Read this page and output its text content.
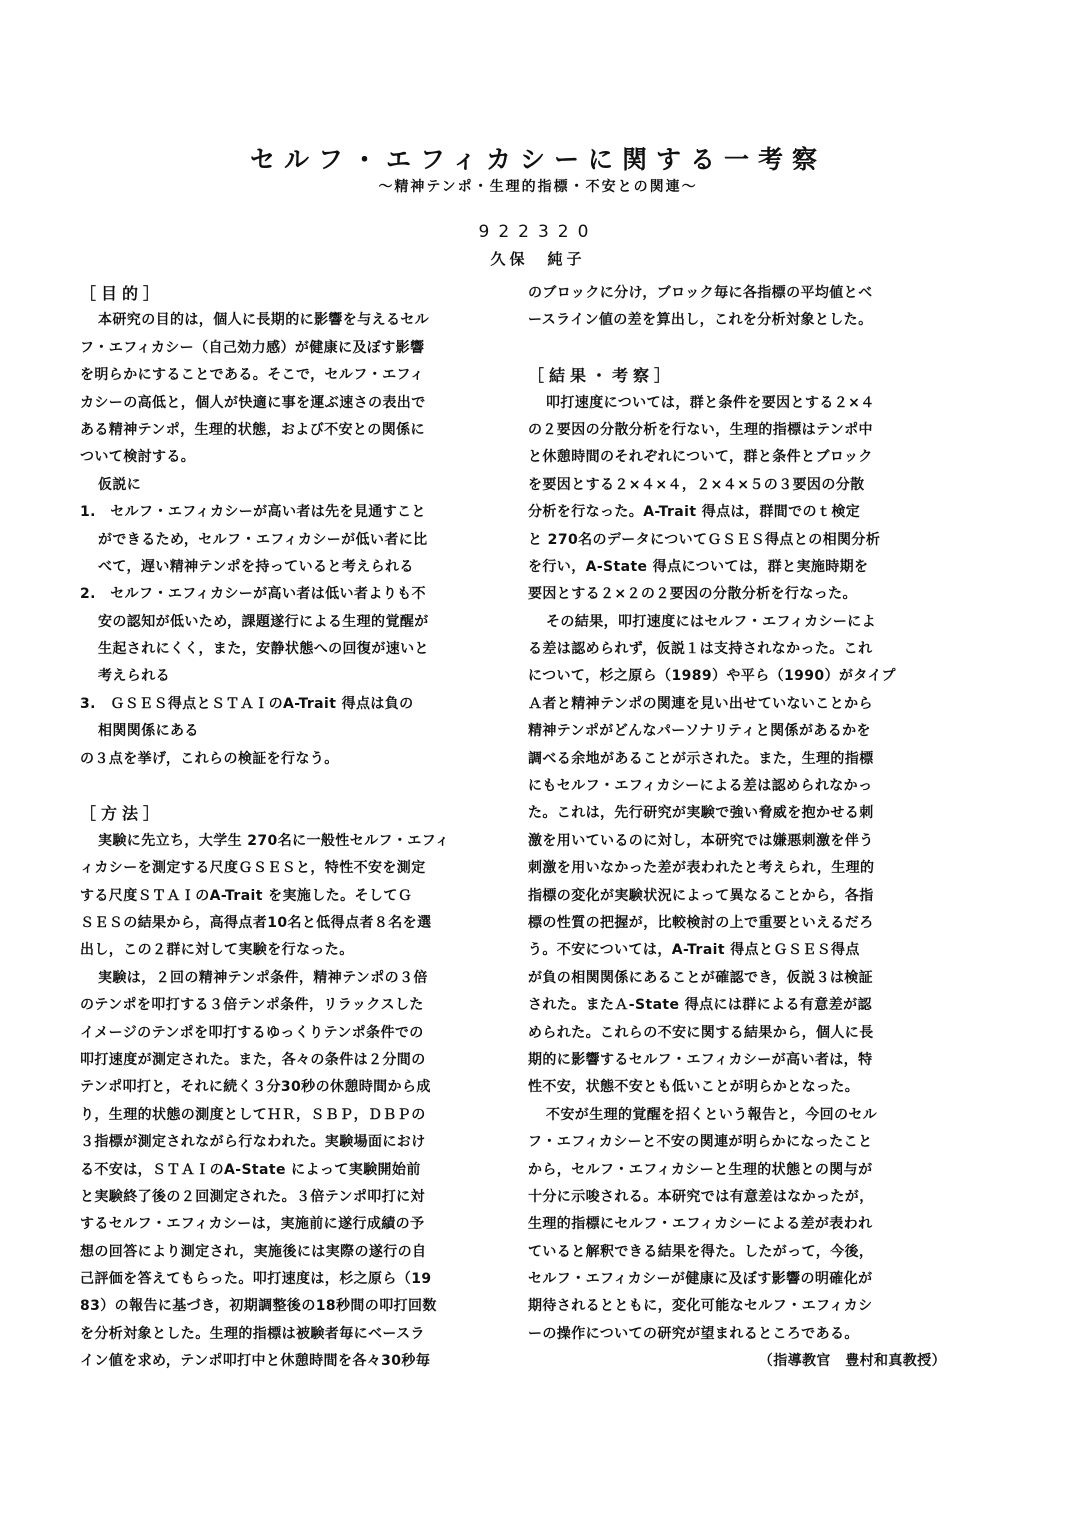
セルフ・エフィカシーに関する一考察
～精神テンポ・生理的指標・不安との関連～
922320
久保　純子
［目的］
本研究の目的は，個人に長期的に影響を与えるセル
フ・エフィカシー（自己効力感）が健康に及ぼす影響
を明らかにすることである。そこで，セルフ・エフィ
カシーの高低と，個人が快適に事を運ぶ速さの表出で
ある精神テンポ，生理的状態，および不安との関係に
ついて検討する。
仮説に
1.　セルフ・エフィカシーが高い者は先を見通すこと
ができるため，セルフ・エフィカシーが低い者に比
べて，遅い精神テンポを持っていると考えられる
2.　セルフ・エフィカシーが高い者は低い者よりも不
安の認知が低いため，課題遂行による生理的覚醒が
生起されにくく，また，安静状態への回復が速いと
考えられる
3.　ＧＳＥＳ得点とＳＴＡＩのA-Trait 得点は負の
相関関係にある
の３点を挙げ，これらの検証を行なう。
［方法］
実験に先立ち，大学生 270名に一般性セルフ・エフィ
ィカシーを測定する尺度ＧＳＥＳと，特性不安を測定
する尺度ＳＴＡＩのA-Trait を実施した。そしてＧ
ＳＥＳの結果から，高得点者10名と低得点者８名を選
出し，この２群に対して実験を行なった。
実験は，２回の精神テンポ条件，精神テンポの３倍
のテンポを叩打する３倍テンポ条件，リラックスした
イメージのテンポを叩打するゆっくりテンポ条件での
叩打速度が測定された。また，各々の条件は２分間の
テンポ叩打と，それに続く３分30秒の休憩時間から成
り，生理的状態の測度としてＨＲ，ＳＢＰ，ＤＢＰの
３指標が測定されながら行なわれた。実験場面におけ
る不安は，ＳＴＡＩのA-State によって実験開始前
と実験終了後の２回測定された。３倍テンポ叩打に対
するセルフ・エフィカシーは，実施前に遂行成績の予
想の回答により測定され，実施後には実際の遂行の自
己評価を答えてもらった。叩打速度は，杉之原ら（19
83）の報告に基づき，初期調整後の18秒間の叩打回数
を分析対象とした。生理的指標は被験者毎にベースラ
イン値を求め，テンポ叩打中と休憩時間を各々30秒毎
のブロックに分け，ブロック毎に各指標の平均値とベ
ースライン値の差を算出し，これを分析対象とした。
［結果・考察］
叩打速度については，群と条件を要因とする２×４
の２要因の分散分析を行ない，生理的指標はテンポ中
と休憩時間のそれぞれについて，群と条件とブロック
を要因とする２×４×４，２×４×５の３要因の分散
分析を行なった。A-Trait 得点は，群間でのｔ検定
と 270名のデータについてＧＳＥＳ得点との相関分析
を行い，A-State 得点については，群と実施時期を
要因とする２×２の２要因の分散分析を行なった。
その結果，叩打速度にはセルフ・エフィカシーによ
る差は認められず，仮説１は支持されなかった。これ
について，杉之原ら（1989）や平ら（1990）がタイプ
Ａ者と精神テンポの関連を見い出せていないことから
精神テンポがどんなパーソナリティと関係があるかを
調べる余地があることが示された。また，生理的指標
にもセルフ・エフィカシーによる差は認められなかっ
た。これは，先行研究が実験で強い脅威を抱かせる刺
激を用いているのに対し，本研究では嫌悪刺激を伴う
刺激を用いなかった差が表われたと考えられ，生理的
指標の変化が実験状況によって異なることから，各指
標の性質の把握が，比較検討の上で重要といえるだろ
う。不安については，A-Trait 得点とＧＳＥＳ得点
が負の相関関係にあることが確認でき，仮説３は検証
された。またＡ-State 得点には群による有意差が認
められた。これらの不安に関する結果から，個人に長
期的に影響するセルフ・エフィカシーが高い者は，特
性不安，状態不安とも低いことが明らかとなった。
不安が生理的覚醒を招くという報告と，今回のセル
フ・エフィカシーと不安の関連が明らかになったこと
から，セルフ・エフィカシーと生理的状態との関与が
十分に示唆される。本研究では有意差はなかったが，
生理的指標にセルフ・エフィカシーによる差が表われ
ていると解釈できる結果を得た。したがって，今後，
セルフ・エフィカシーが健康に及ぼす影響の明確化が
期待されるとともに，変化可能なセルフ・エフィカシ
ーの操作についての研究が望まれるところである。
（指導教官　豊村和真教授）
